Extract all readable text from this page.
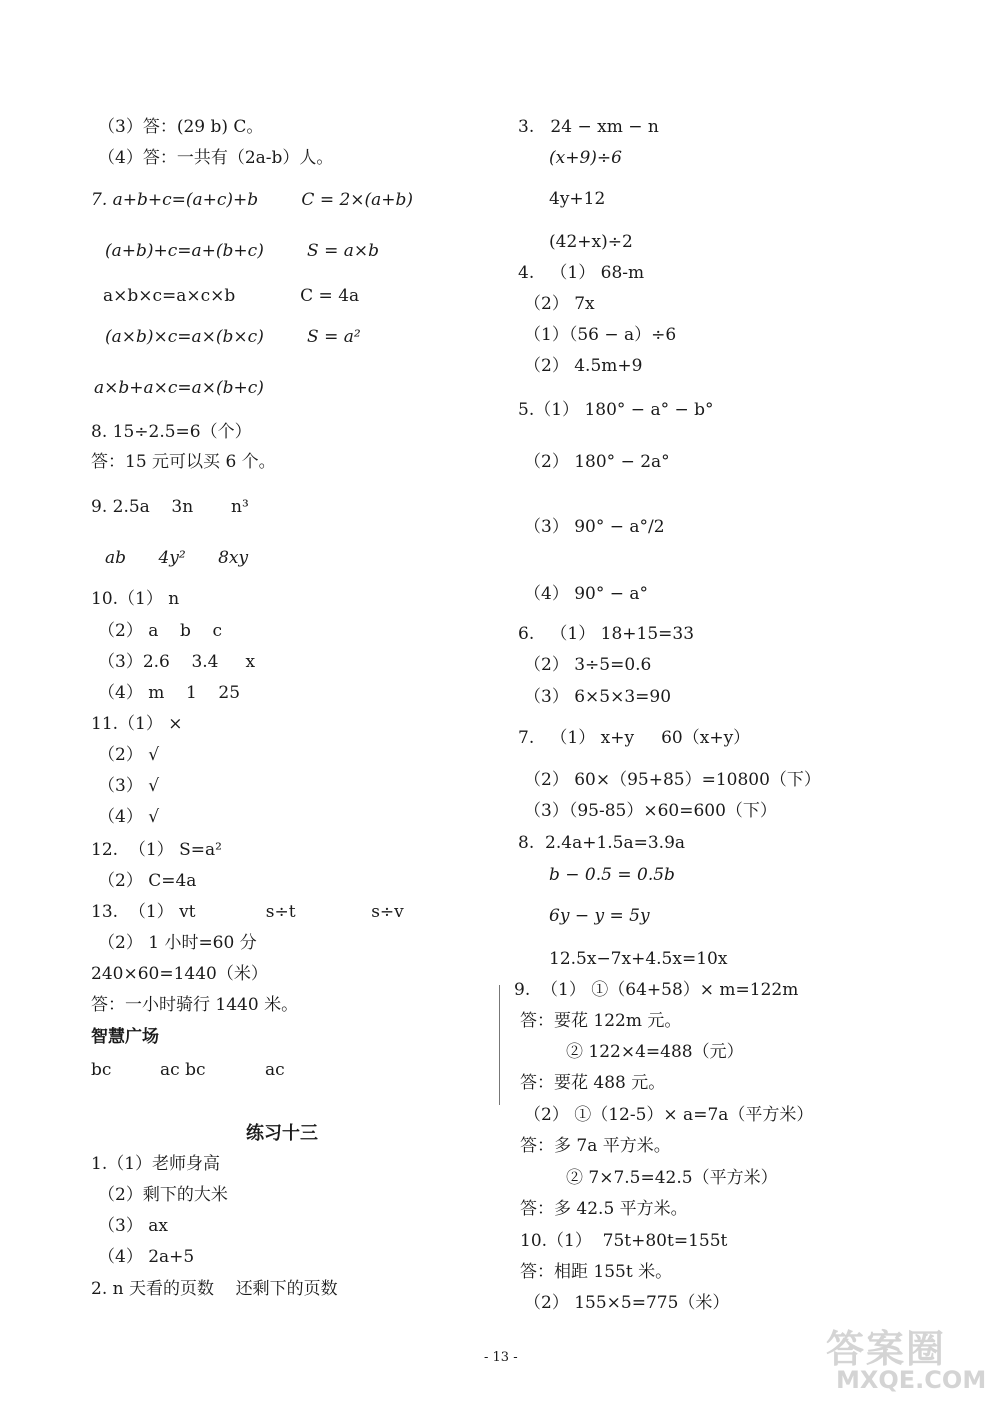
（3）答：(29 b) C。
（4）答：一共有（2a-b）人。
7. a+b+c=(a+c)+b        C = 2×(a+b)
(a+b)+c=a+(b+c)        S = a×b
a×b×c=a×c×b            C = 4a
(a×b)×c=a×(b×c)        S = a²
a×b+a×c=a×(b+c)
8. 15÷2.5=6（个）
答：15 元可以买 6 个。
9. 2.5a    3n       n³
ab      4y²      8xy
10.（1） n
（2） a    b    c
（3）2.6    3.4     x
（4） m    1    25
11.（1） ×
（2） √
（3） √
（4） √
12.  （1） S=a²
（2） C=4a
13.  （1） vt             s÷t              s÷v
（2） 1 小时=60 分
240×60=1440（米）
答：一小时骑行 1440 米。
智慧广场
bc         ac bc           ac
练习十三
1.（1）老师身高
（2）剩下的大米
（3） ax
（4） 2a+5
2. n 天看的页数    还剩下的页数
3.   24 − xm − n
(x+9)÷6
4y+12
(42+x)÷2
4.   （1） 68-m
（2） 7x
（1）（56 − a）÷6
（2） 4.5m+9
5.（1） 180° − a° − b°
（2） 180° − 2a°
（3） 90° − a°/2
（4） 90° − a°
6.   （1） 18+15=33
（2） 3÷5=0.6
（3） 6×5×3=90
7.   （1） x+y     60（x+y）
（2） 60×（95+85）=10800（下）
（3）（95-85）×60=600（下）
8.  2.4a+1.5a=3.9a
b − 0.5 = 0.5b
6y − y = 5y
12.5x−7x+4.5x=10x
9.  （1） ①（64+58）× m=122m
答：要花 122m 元。
② 122×4=488（元）
答：要花 488 元。
（2） ①（12-5）× a=7a（平方米）
答：多 7a 平方米。
② 7×7.5=42.5（平方米）
答：多 42.5 平方米。
10.（1）  75t+80t=155t
答：相距 155t 米。
（2） 155×5=775（米）
- 13 -	答案圈
MXQE.COM
